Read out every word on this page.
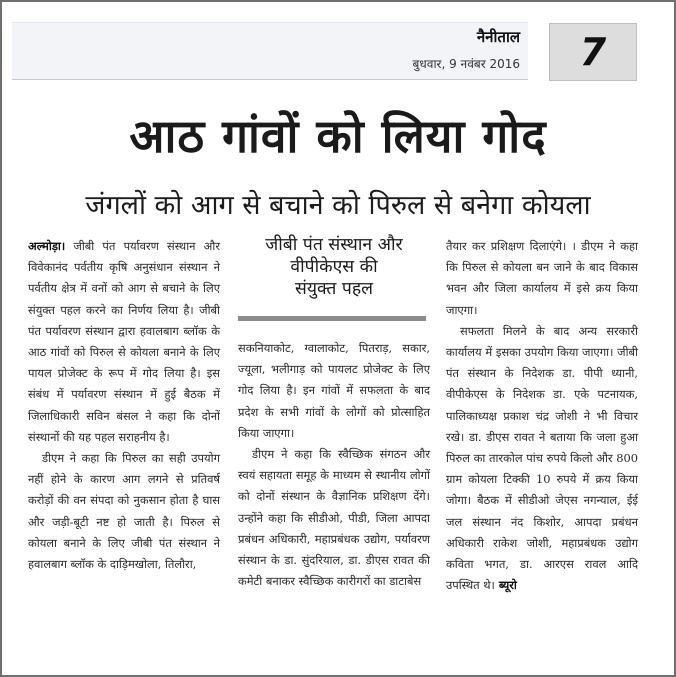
नैनीताल
बुधवार, 9 नवंबर 2016	7
आठ गांवों को लिया गोद
जंगलों को आग से बचाने को पिरुल से बनेगा कोयला

अल्मोड़ा। जीबी पंत पर्यावरण संस्थान और विवेकानंद पर्वतीय कृषि अनुसंधान संस्थान ने पर्वतीय क्षेत्र में वनों को आग से बचाने के लिए संयुक्त पहल करने का निर्णय लिया है। जीबी पंत पर्यावरण संस्थान द्वारा हवालबाग ब्लॉक के आठ गांवों को पिरुल से कोयला बनाने के लिए पायल प्रोजेक्ट के रूप में गोद लिया है। इस संबंध में पर्यावरण संस्थान में हुई बैठक में जिलाधिकारी सविन बंसल ने कहा कि दोनों संस्थानों की यह पहल सराहनीय है।

डीएम ने कहा कि पिरुल का सही उपयोग नहीं होने के कारण आग लगने से प्रतिवर्ष करोड़ों की वन संपदा को नुकसान होता है घास और जड़ी-बूटी नष्ट हो जाती है। पिरुल से कोयला बनाने के लिए जीबी पंत संस्थान ने हवालबाग ब्लॉक के दाड़िमखोला, तिलौरा,

जीबी पंत संस्थान और
वीपीकेएस की
संयुक्त पहल

सकनियाकोट, ग्वालाकोट, पितराड़, सकार, ज्यूला, भलीगाड़ को पायलट प्रोजेक्ट के लिए गोद लिया है। इन गांवों में सफलता के बाद प्रदेश के सभी गांवों के लोगों को प्रोत्साहित किया जाएगा।

डीएम ने कहा कि स्वैच्छिक संगठन और स्वयं सहायता समूह के माध्यम से स्थानीय लोगों को दोनों संस्थान के वैज्ञानिक प्रशिक्षण देंगे। उन्होंने कहा कि सीडीओ, पीडी, जिला आपदा प्रबंधन अधिकारी, महाप्रबंधक उद्योग, पर्यावरण संस्थान के डा. सुंदरियाल, डा. डीएस रावत की कमेटी बनाकर स्वैच्छिक कारीगरों का डाटाबेस

तैयार कर प्रशिक्षण दिलाएंगे। । डीएम ने कहा कि पिरुल से कोयला बन जाने के बाद विकास भवन और जिला कार्यालय में इसे क्रय किया जाएगा।

सफलता मिलने के बाद अन्य सरकारी कार्यालय में इसका उपयोग किया जाएगा। जीबी पंत संस्थान के निदेशक डा. पीपी ध्यानी, वीपीकेएस के निदेशक डा. एके पटनायक, पालिकाध्यक्ष प्रकाश चंद्र जोशी ने भी विचार रखे। डा. डीएस रावत ने बताया कि जला हुआ पिरुल का तारकोल पांच रुपये किलो और 800 ग्राम कोयला टिक्की 10 रुपये में क्रय किया जोगा। बैठक में सीडीओ जेएस नगन्याल, ईई जल संस्थान नंद किशोर, आपदा प्रबंधन अधिकारी राकेश जोशी, महाप्रबंधक उद्योग कविता भगत, डा. आरएस रावल आदि उपस्थित थे। ब्यूरो
